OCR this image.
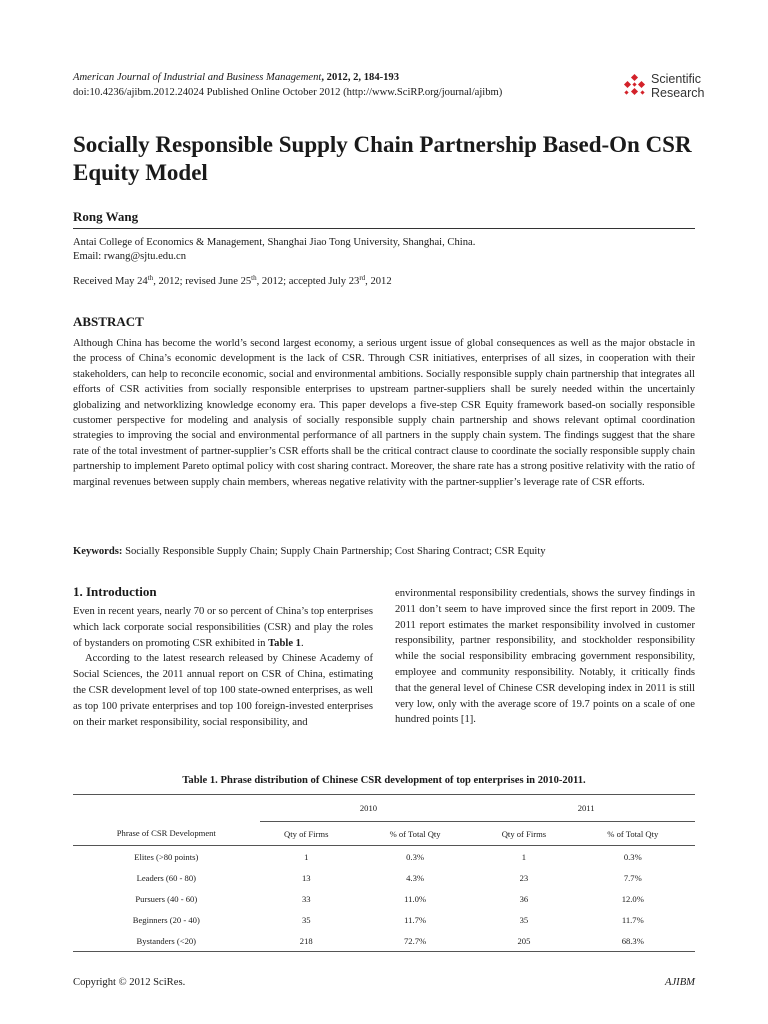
American Journal of Industrial and Business Management, 2012, 2, 184-193
doi:10.4236/ajibm.2012.24024 Published Online October 2012 (http://www.SciRP.org/journal/ajibm)
Scientific
Research
Socially Responsible Supply Chain Partnership Based-On CSR Equity Model
Rong Wang
Antai College of Economics & Management, Shanghai Jiao Tong University, Shanghai, China.
Email: rwang@sjtu.edu.cn
Received May 24th, 2012; revised June 25th, 2012; accepted July 23rd, 2012
ABSTRACT

Although China has become the world’s second largest economy, a serious urgent issue of global consequences as well as the major obstacle in the process of China’s economic development is the lack of CSR. Through CSR initiatives, enterprises of all sizes, in cooperation with their stakeholders, can help to reconcile economic, social and environmental ambitions. Socially responsible supply chain partnership that integrates all efforts of CSR activities from socially responsible enterprises to upstream partner-suppliers shall be surely needed within the uncertainly globalizing and networklizing knowledge economy era. This paper develops a five-step CSR Equity framework based-on socially responsible customer perspective for modeling and analysis of socially responsible supply chain partnership and shows relevant optimal coordination strategies to improving the social and environmental performance of all partners in the supply chain system. The findings suggest that the share rate of the total investment of partner-supplier’s CSR efforts shall be the critical contract clause to coordinate the socially responsible supply chain partnership to implement Pareto optimal policy with cost sharing contract. Moreover, the share rate has a strong positive relativity with the ratio of marginal revenues between supply chain members, whereas negative relativity with the partner-supplier’s leverage rate of CSR efforts.

Keywords: Socially Responsible Supply Chain; Supply Chain Partnership; Cost Sharing Contract; CSR Equity
1. Introduction

Even in recent years, nearly 70 or so percent of China’s top enterprises which lack corporate social responsibilities (CSR) and play the roles of bystanders on promoting CSR exhibited in Table 1.

According to the latest research released by Chinese Academy of Social Sciences, the 2011 annual report on CSR of China, estimating the CSR development level of top 100 state-owned enterprises, as well as top 100 private enterprises and top 100 foreign-invested enterprises on their market responsibility, social responsibility, and

environmental responsibility credentials, shows the survey findings in 2011 don’t seem to have improved since the first report in 2009. The 2011 report estimates the market responsibility involved in customer responsibility, partner responsibility, and stockholder responsibility while the social responsibility embracing government responsibility, employee and community responsibility. Notably, it critically finds that the general level of Chinese CSR developing index in 2011 is still very low, only with the average score of 19.7 points on a scale of one hundred points [1].

Table 1. Phrase distribution of Chinese CSR development of top enterprises in 2010-2011.

	2010		2011	
Phrase of CSR Development	Qty of Firms	% of Total Qty	Qty of Firms	% of Total Qty
Elites (>80 points)	1	0.3%	1	0.3%
Leaders (60 - 80)	13	4.3%	23	7.7%
Pursuers (40 - 60)	33	11.0%	36	12.0%
Beginners (20 - 40)	35	11.7%	35	11.7%
Bystanders (<20)	218	72.7%	205	68.3%
Copyright © 2012 SciRes.	AJIBM
